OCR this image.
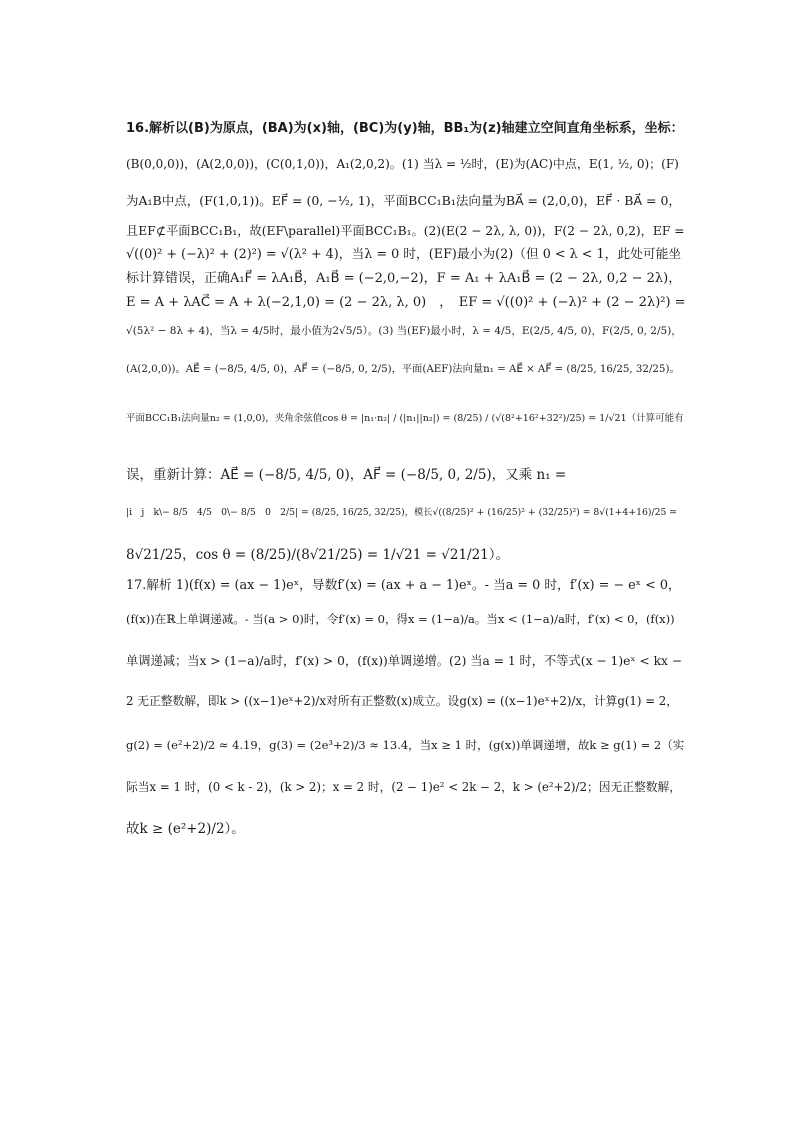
16.解析以(B)为原点，(BA)为(x)轴，(BC)为(y)轴，BB₁为(z)轴建立空间直角坐标系，坐标：
(B(0,0,0))，(A(2,0,0))，(C(0,1,0))，A₁(2,0,2)。(1) 当λ = ½时，(E)为(AC)中点，E(1, ½, 0)；(F)
为A₁B中点，(F(1,0,1))。EF⃗ = (0, −½, 1)，平面BCC₁B₁法向量为BA⃗ = (2,0,0)，EF⃗ · BA⃗ = 0，
且EF⊄平面BCC₁B₁，故(EF\parallel)平面BCC₁B₁。(2)(E(2 − 2λ, λ, 0))，F(2 − 2λ, 0,2)，EF =
√((0)² + (−λ)² + (2)²) = √(λ² + 4)，当λ = 0 时，(EF)最小为(2)（但 0 < λ < 1，此处可能坐
标计算错误，正确A₁F⃗ = λA₁B⃗，A₁B⃗ = (−2,0,−2)，F = A₁ + λA₁B⃗ = (2 − 2λ, 0,2 − 2λ)，
E = A + λAC⃗ = A + λ(−2,1,0) = (2 − 2λ, λ, 0)　，　EF = √((0)² + (−λ)² + (2 − 2λ)²) =
√(5λ² − 8λ + 4)，当λ = 4/5时，最小值为2√5/5）。(3) 当(EF)最小时，λ = 4/5，E(2/5, 4/5, 0)，F(2/5, 0, 2/5)，
(A(2,0,0))。AE⃗ = (−8/5, 4/5, 0)，AF⃗ = (−8/5, 0, 2/5)，平面(AEF)法向量n₁ = AE⃗ × AF⃗ = (8/25, 16/25, 32/25)。
平面BCC₁B₁法向量n₂ = (1,0,0)，夹角余弦值cos θ = |n₁·n₂| / (|n₁||n₂|) = (8/25) / (√(8²+16²+32²)/25) = 1/√21（计算可能有
误，重新计算：AE⃗ = (−8/5, 4/5, 0)，AF⃗ = (−8/5, 0, 2/5)，又乘 n₁ =
|i　j　k\− 8/5　4/5　0\− 8/5　0　2/5| = (8/25, 16/25, 32/25)，模长√((8/25)² + (16/25)² + (32/25)²) = 8√(1+4+16)/25 =
8√21/25，cos θ = (8/25)/(8√21/25) = 1/√21 = √21/21）。
17.解析 1)(f(x) = (ax − 1)eˣ，导数f′(x) = (ax + a − 1)eˣ。- 当a = 0 时，f′(x) = − eˣ < 0，
(f(x))在ℝ上单调递减。- 当(a > 0)时，令f′(x) = 0，得x = (1−a)/a。当x < (1−a)/a时，f′(x) < 0，(f(x))
单调递减；当x > (1−a)/a时，f′(x) > 0，(f(x))单调递增。(2) 当a = 1 时，不等式(x − 1)eˣ < kx −
2 无正整数解，即k > ((x−1)eˣ+2)/x对所有正整数(x)成立。设g(x) = ((x−1)eˣ+2)/x，计算g(1) = 2，
g(2) = (e²+2)/2 ≈ 4.19，g(3) = (2e³+2)/3 ≈ 13.4，当x ≥ 1 时，(g(x))单调递增，故k ≥ g(1) = 2（实
际当x = 1 时，(0 < k - 2)，(k > 2)；x = 2 时，(2 − 1)e² < 2k − 2，k > (e²+2)/2；因无正整数解，
故k ≥ (e²+2)/2）。
